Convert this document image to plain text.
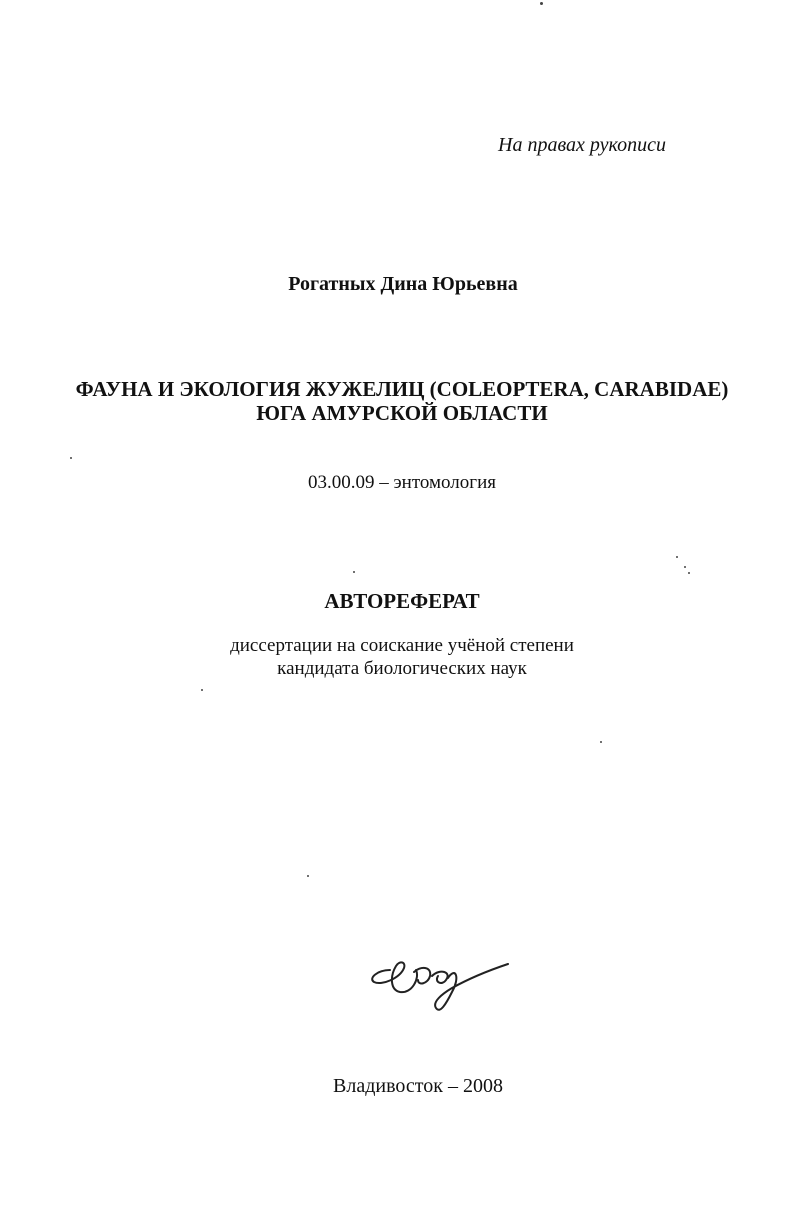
На правах рукописи
Рогатных Дина Юрьевна
ФАУНА И ЭКОЛОГИЯ ЖУЖЕЛИЦ (COLEOPTERA, CARABIDAE)
ЮГА АМУРСКОЙ ОБЛАСТИ
03.00.09 – энтомология
АВТОРЕФЕРАТ
диссертации на соискание учёной степени
кандидата биологических наук
Владивосток – 2008
